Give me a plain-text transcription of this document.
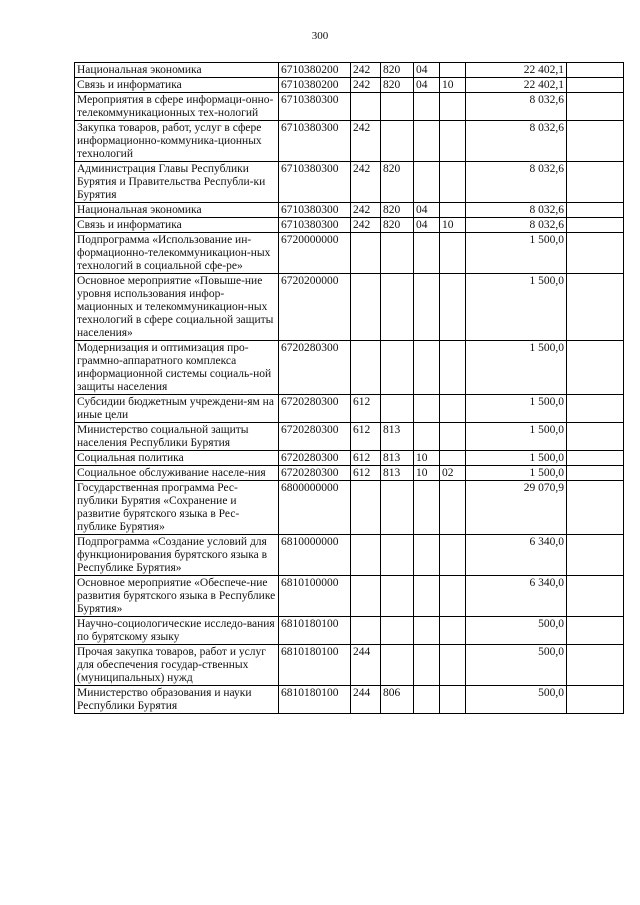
300
Национальная экономика	6710380200	242	820	04		22 402,1	
Связь и информатика	6710380200	242	820	04	10	22 402,1	
Мероприятия в сфере информаци-онно-телекоммуникационных тех-нологий	6710380300					8 032,6	
Закупка товаров, работ, услуг в сфере информационно-коммуника-ционных технологий	6710380300	242				8 032,6	
Администрация Главы Республики Бурятия и Правительства Республи-ки Бурятия	6710380300	242	820			8 032,6	
Национальная экономика	6710380300	242	820	04		8 032,6	
Связь и информатика	6710380300	242	820	04	10	8 032,6	
Подпрограмма «Использование ин-формационно-телекоммуникацион-ных технологий в социальной сфе-ре»	6720000000					1 500,0	
Основное мероприятие «Повыше-ние уровня использования инфор-мационных и телекоммуникацион-ных технологий в сфере социальной защиты населения»	6720200000					1 500,0	
Модернизация и оптимизация про-граммно-аппаратного комплекса информационной системы социаль-ной защиты населения	6720280300					1 500,0	
Субсидии бюджетным учреждени-ям на иные цели	6720280300	612				1 500,0	
Министерство социальной защиты населения Республики Бурятия	6720280300	612	813			1 500,0	
Социальная политика	6720280300	612	813	10		1 500,0	
Социальное обслуживание населе-ния	6720280300	612	813	10	02	1 500,0	
Государственная программа Рес-публики Бурятия «Сохранение и развитие бурятского языка в Рес-публике Бурятия»	6800000000					29 070,9	
Подпрограмма «Создание условий для функционирования бурятского языка в Республике Бурятия»	6810000000					6 340,0	
Основное мероприятие «Обеспече-ние развития бурятского языка в Республике Бурятия»	6810100000					6 340,0	
Научно-социологические исследо-вания по бурятскому языку	6810180100					500,0	
Прочая закупка товаров, работ и услуг для обеспечения государ-ственных (муниципальных) нужд	6810180100	244				500,0	
Министерство образования и науки Республики Бурятия	6810180100	244	806			500,0	
